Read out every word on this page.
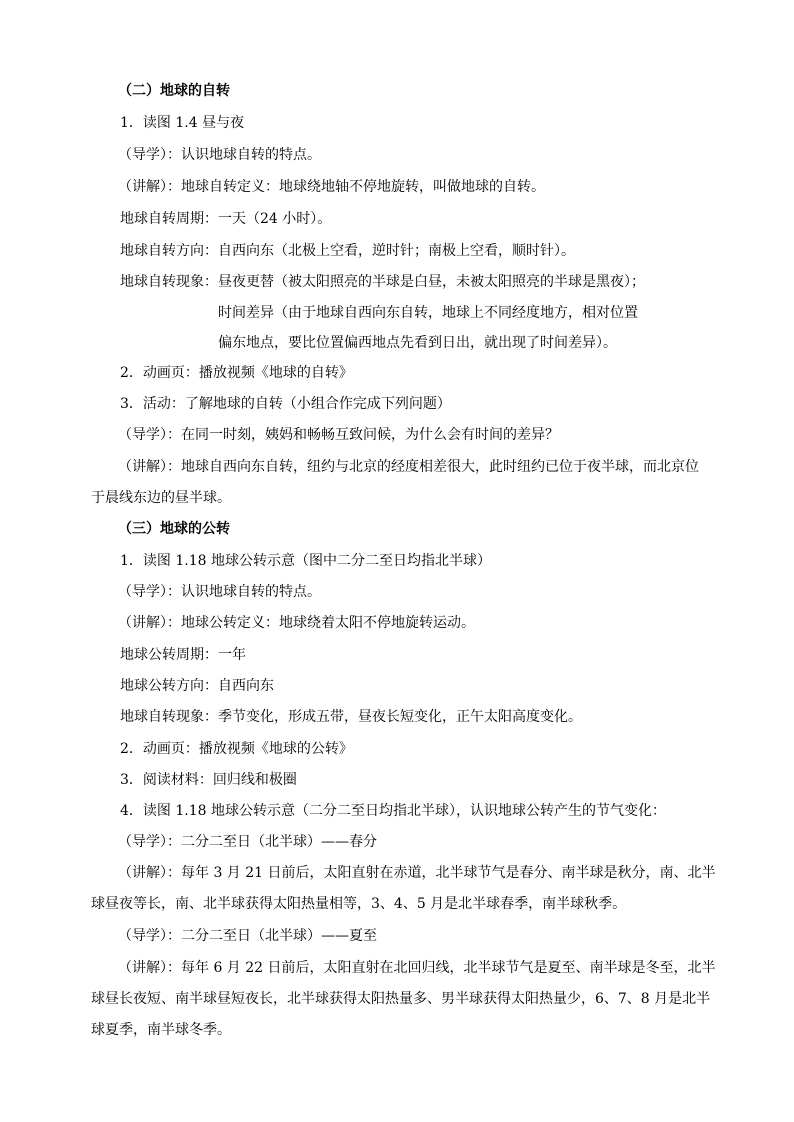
（二）地球的自转
1．读图 1.4 昼与夜
（导学）：认识地球自转的特点。
（讲解）：地球自转定义：地球绕地轴不停地旋转，叫做地球的自转。
地球自转周期：一天（24 小时）。
地球自转方向：自西向东（北极上空看，逆时针；南极上空看，顺时针）。
地球自转现象：昼夜更替（被太阳照亮的半球是白昼，未被太阳照亮的半球是黑夜）；
时间差异（由于地球自西向东自转，地球上不同经度地方，相对位置
偏东地点，要比位置偏西地点先看到日出，就出现了时间差异）。
2．动画页：播放视频《地球的自转》
3．活动：了解地球的自转（小组合作完成下列问题）
（导学）：在同一时刻，姨妈和畅畅互致问候，为什么会有时间的差异？
（讲解）：地球自西向东自转，纽约与北京的经度相差很大，此时纽约已位于夜半球，而北京位
于晨线东边的昼半球。
（三）地球的公转
1．读图 1.18 地球公转示意（图中二分二至日均指北半球）
（导学）：认识地球自转的特点。
（讲解）：地球公转定义：地球绕着太阳不停地旋转运动。
地球公转周期：一年
地球公转方向：自西向东
地球自转现象：季节变化，形成五带，昼夜长短变化，正午太阳高度变化。
2．动画页：播放视频《地球的公转》
3．阅读材料：回归线和极圈
4．读图 1.18 地球公转示意（二分二至日均指北半球），认识地球公转产生的节气变化：
（导学）：二分二至日（北半球）——春分
（讲解）：每年 3 月 21 日前后，太阳直射在赤道，北半球节气是春分、南半球是秋分，南、北半
球昼夜等长，南、北半球获得太阳热量相等，3、4、5 月是北半球春季，南半球秋季。
（导学）：二分二至日（北半球）——夏至
（讲解）：每年 6 月 22 日前后，太阳直射在北回归线，北半球节气是夏至、南半球是冬至，北半
球昼长夜短、南半球昼短夜长，北半球获得太阳热量多、男半球获得太阳热量少，6、7、8 月是北半
球夏季，南半球冬季。
